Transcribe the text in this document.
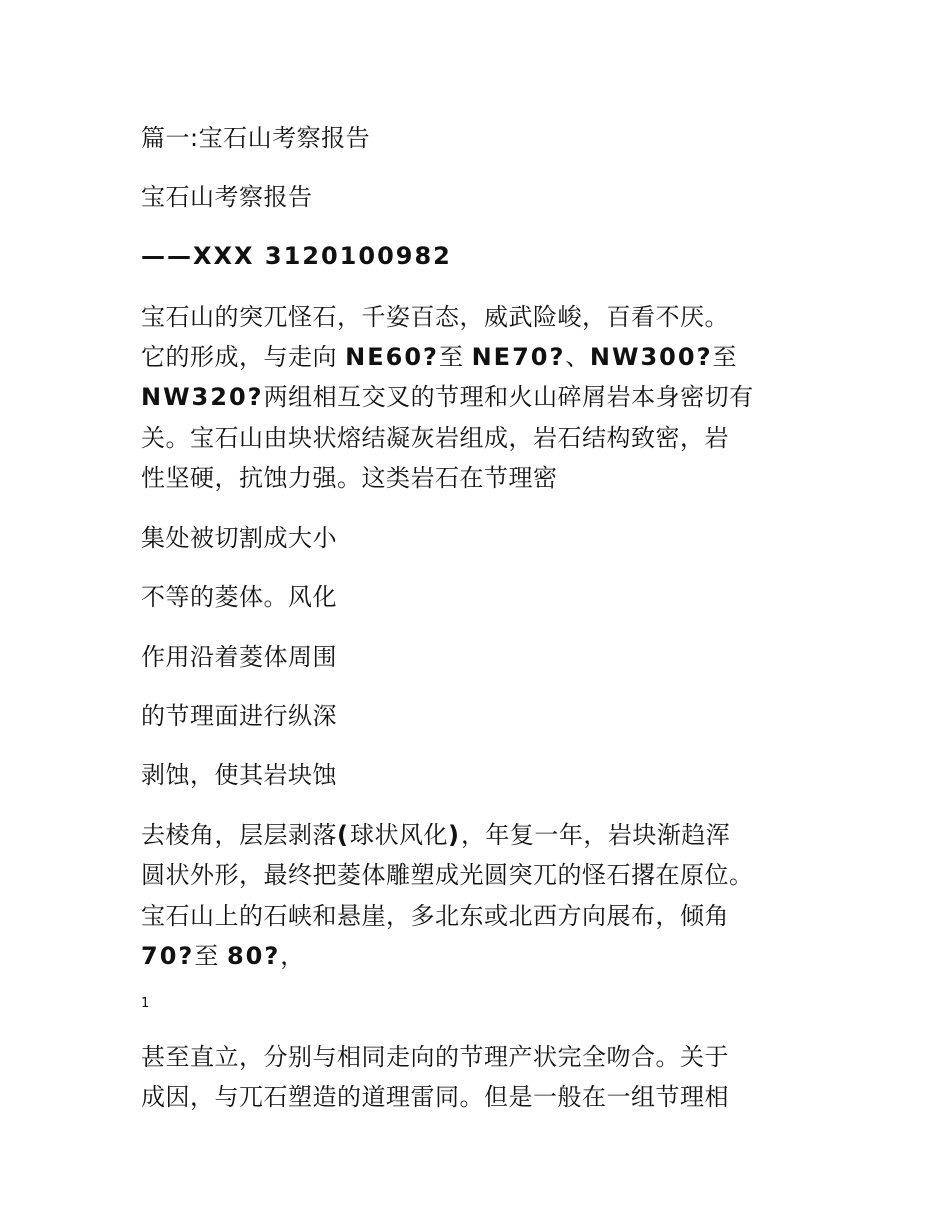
篇一:宝石山考察报告
宝石山考察报告
——XXX 3120100982
宝石山的突兀怪石，千姿百态，威武险峻，百看不厌。
它的形成，与走向 NE60?至 NE70?、NW300?至
NW320?两组相互交叉的节理和火山碎屑岩本身密切有
关。宝石山由块状熔结凝灰岩组成，岩石结构致密，岩
性坚硬，抗蚀力强。这类岩石在节理密
集处被切割成大小
不等的菱体。风化
作用沿着菱体周围
的节理面进行纵深
剥蚀，使其岩块蚀
去棱角，层层剥落(球状风化)，年复一年，岩块渐趋浑
圆状外形，最终把菱体雕塑成光圆突兀的怪石撂在原位。
宝石山上的石峡和悬崖，多北东或北西方向展布，倾角
70?至 80?，
1
甚至直立，分别与相同走向的节理产状完全吻合。关于
成因，与兀石塑造的道理雷同。但是一般在一组节理相
